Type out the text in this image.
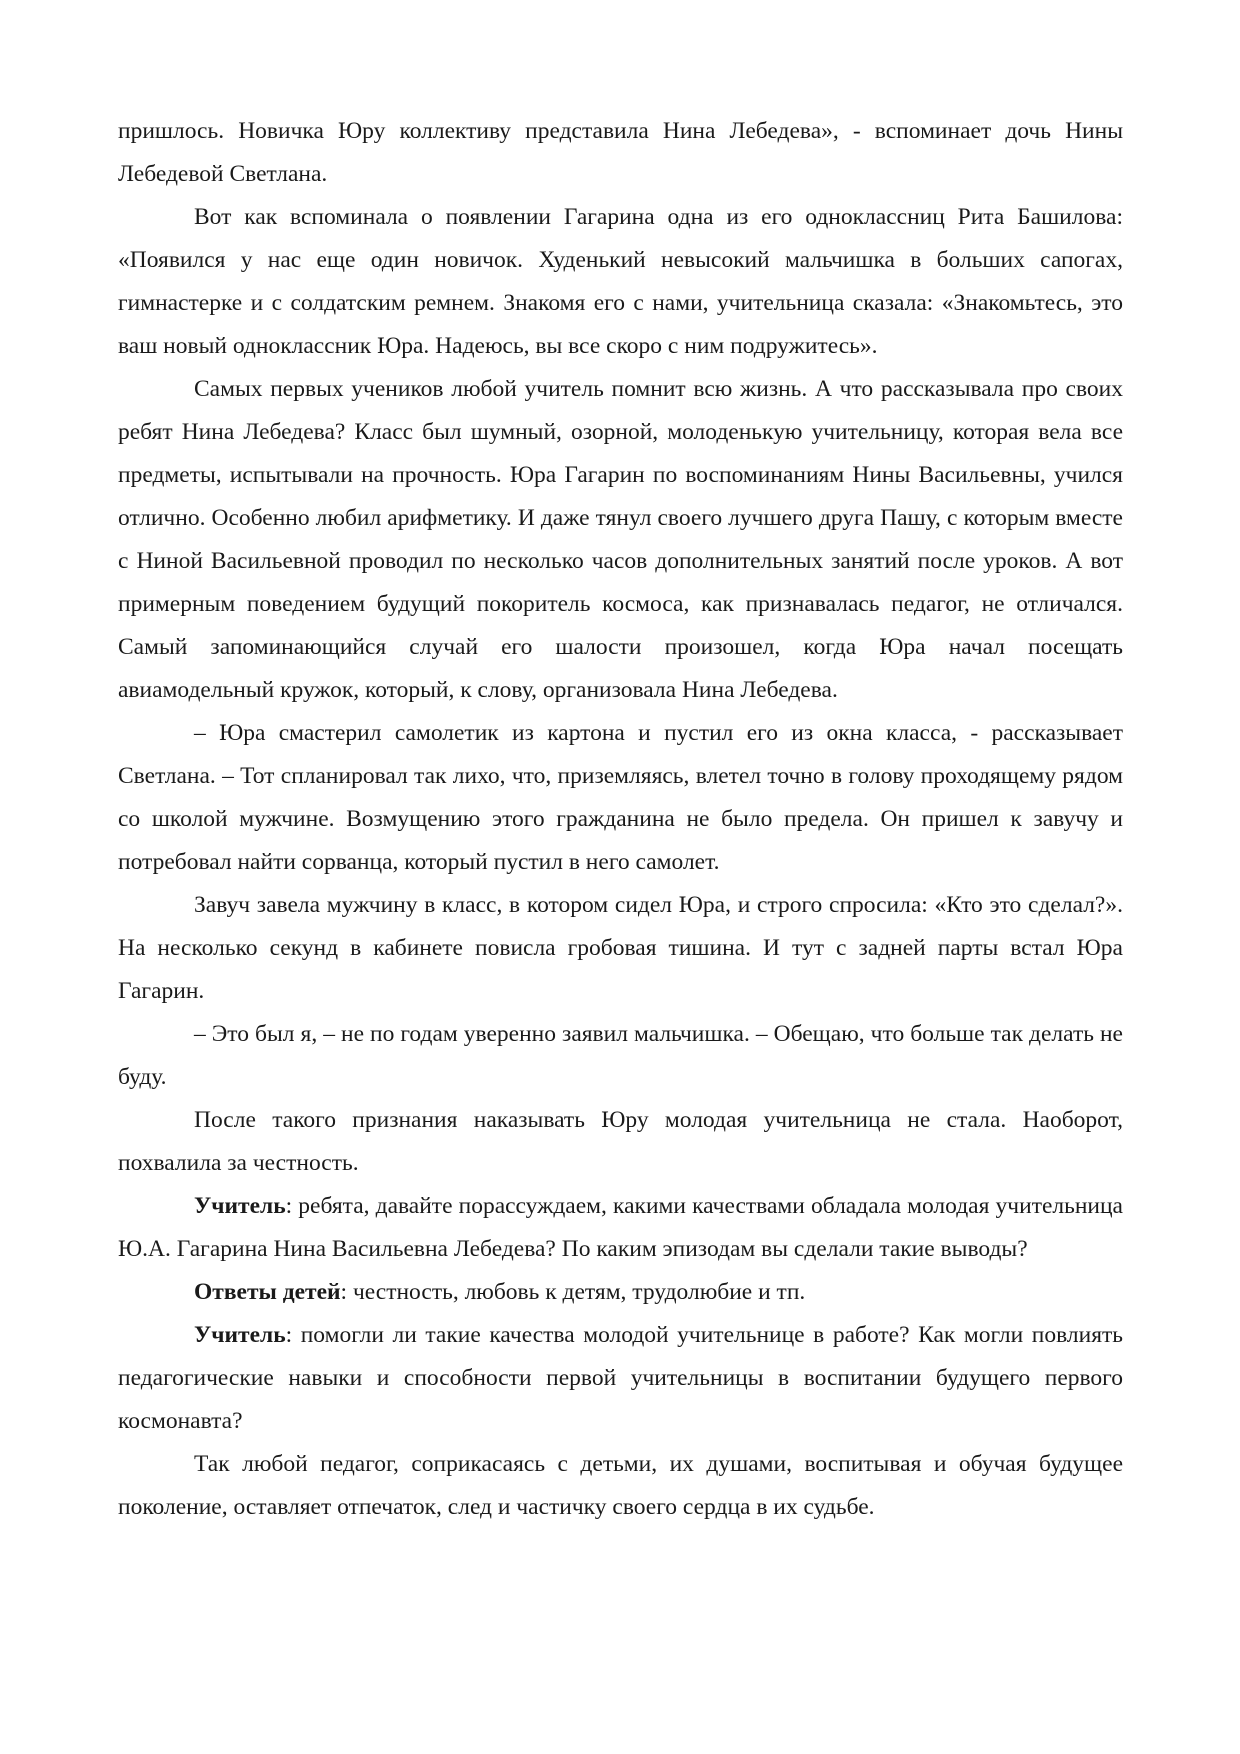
пришлось. Новичка Юру коллективу представила Нина Лебедева», - вспоминает дочь Нины Лебедевой Светлана.

Вот как вспоминала о появлении Гагарина одна из его одноклассниц Рита Башилова: «Появился у нас еще один новичок. Худенький невысокий мальчишка в больших сапогах, гимнастерке и с солдатским ремнем. Знакомя его с нами, учительница сказала: «Знакомьтесь, это ваш новый одноклассник Юра. Надеюсь, вы все скоро с ним подружитесь».

Самых первых учеников любой учитель помнит всю жизнь. А что рассказывала про своих ребят Нина Лебедева? Класс был шумный, озорной, молоденькую учительницу, которая вела все предметы, испытывали на прочность. Юра Гагарин по воспоминаниям Нины Васильевны, учился отлично. Особенно любил арифметику. И даже тянул своего лучшего друга Пашу, с которым вместе с Ниной Васильевной проводил по несколько часов дополнительных занятий после уроков. А вот примерным поведением будущий покоритель космоса, как признавалась педагог, не отличался. Самый запоминающийся случай его шалости произошел, когда Юра начал посещать авиамодельный кружок, который, к слову, организовала Нина Лебедева.

– Юра смастерил самолетик из картона и пустил его из окна класса, - рассказывает Светлана. – Тот спланировал так лихо, что, приземляясь, влетел точно в голову проходящему рядом со школой мужчине. Возмущению этого гражданина не было предела. Он пришел к завучу и потребовал найти сорванца, который пустил в него самолет.

Завуч завела мужчину в класс, в котором сидел Юра, и строго спросила: «Кто это сделал?». На несколько секунд в кабинете повисла гробовая тишина. И тут с задней парты встал Юра Гагарин.

– Это был я, – не по годам уверенно заявил мальчишка. – Обещаю, что больше так делать не буду.

После такого признания наказывать Юру молодая учительница не стала. Наоборот, похвалила за честность.

Учитель: ребята, давайте порассуждаем, какими качествами обладала молодая учительница Ю.А. Гагарина Нина Васильевна Лебедева? По каким эпизодам вы сделали такие выводы?

Ответы детей: честность, любовь к детям, трудолюбие и тп.

Учитель: помогли ли такие качества молодой учительнице в работе? Как могли повлиять педагогические навыки и способности первой учительницы в воспитании будущего первого космонавта?

Так любой педагог, соприкасаясь с детьми, их душами, воспитывая и обучая будущее поколение, оставляет отпечаток, след и частичку своего сердца в их судьбе.
